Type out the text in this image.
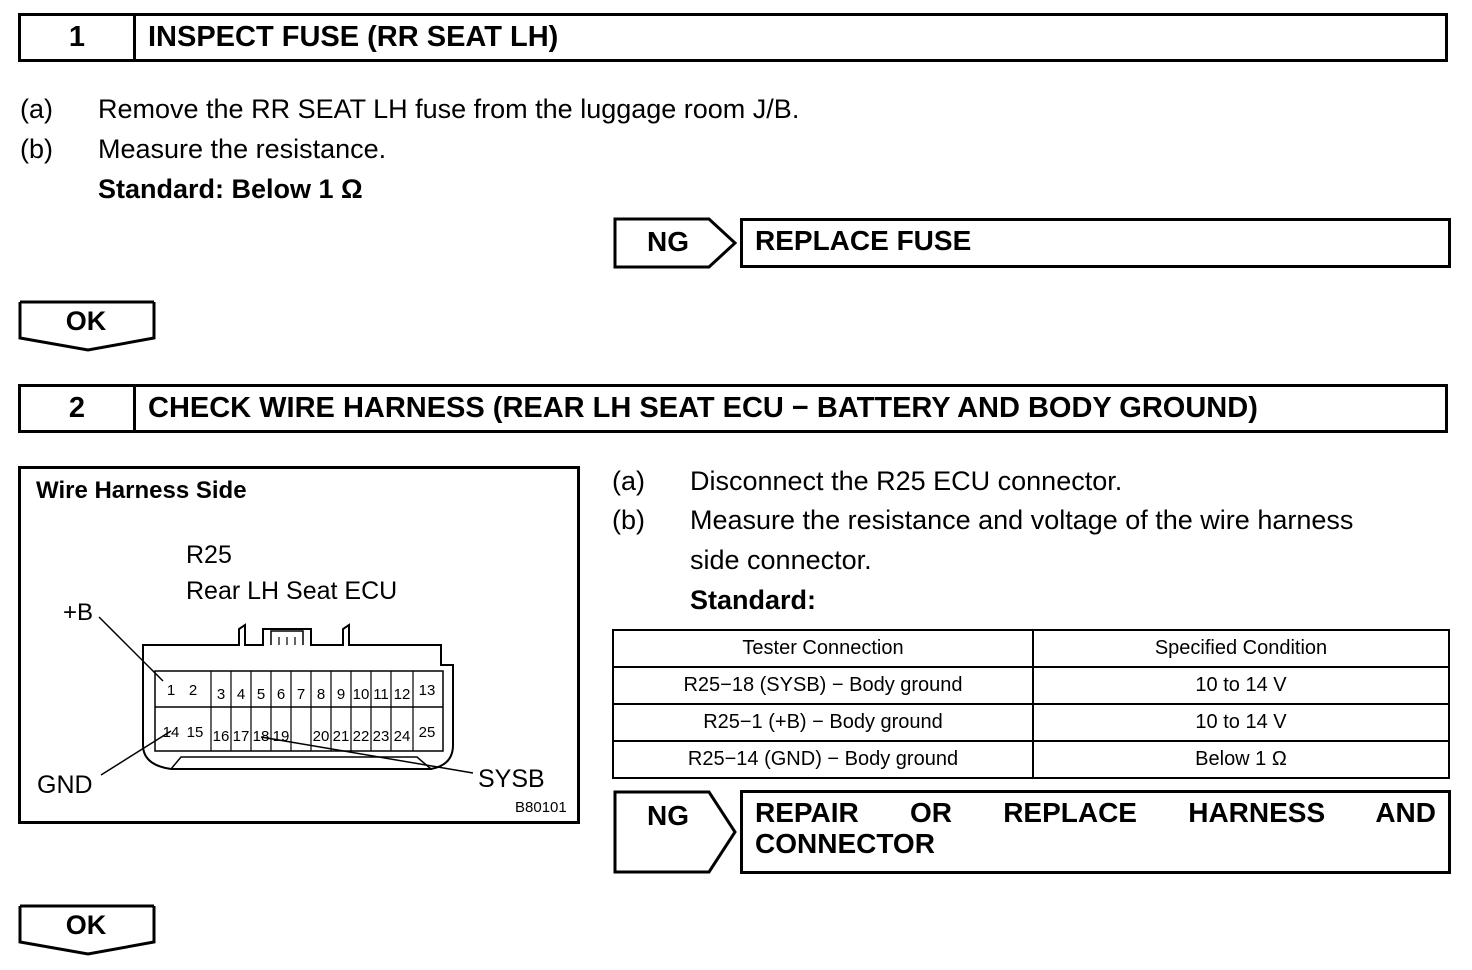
1	INSPECT FUSE (RR SEAT LH)
(a) Remove the RR SEAT LH fuse from the luggage room J/B.
(b) Measure the resistance.
Standard: Below 1 Ω
NG	REPLACE FUSE
OK
2	CHECK WIRE HARNESS (REAR LH SEAT ECU − BATTERY AND BODY GROUND)
Wire Harness Side
R25
Rear LH Seat ECU
+B
GND	SYSB
B80101
1 2 3 4 5 6 7 8 9 10 11 12 13
14 15 16 17 18 19 20 21 22 23 24 25
(a) Disconnect the R25 ECU connector.
(b) Measure the resistance and voltage of the wire harness
side connector.
Standard:
Tester Connection	Specified Condition
R25−18 (SYSB) − Body ground	10 to 14 V
R25−1 (+B) − Body ground	10 to 14 V
R25−14 (GND) − Body ground	Below 1 Ω
NG	REPAIR OR REPLACE HARNESS AND
CONNECTOR
OK
